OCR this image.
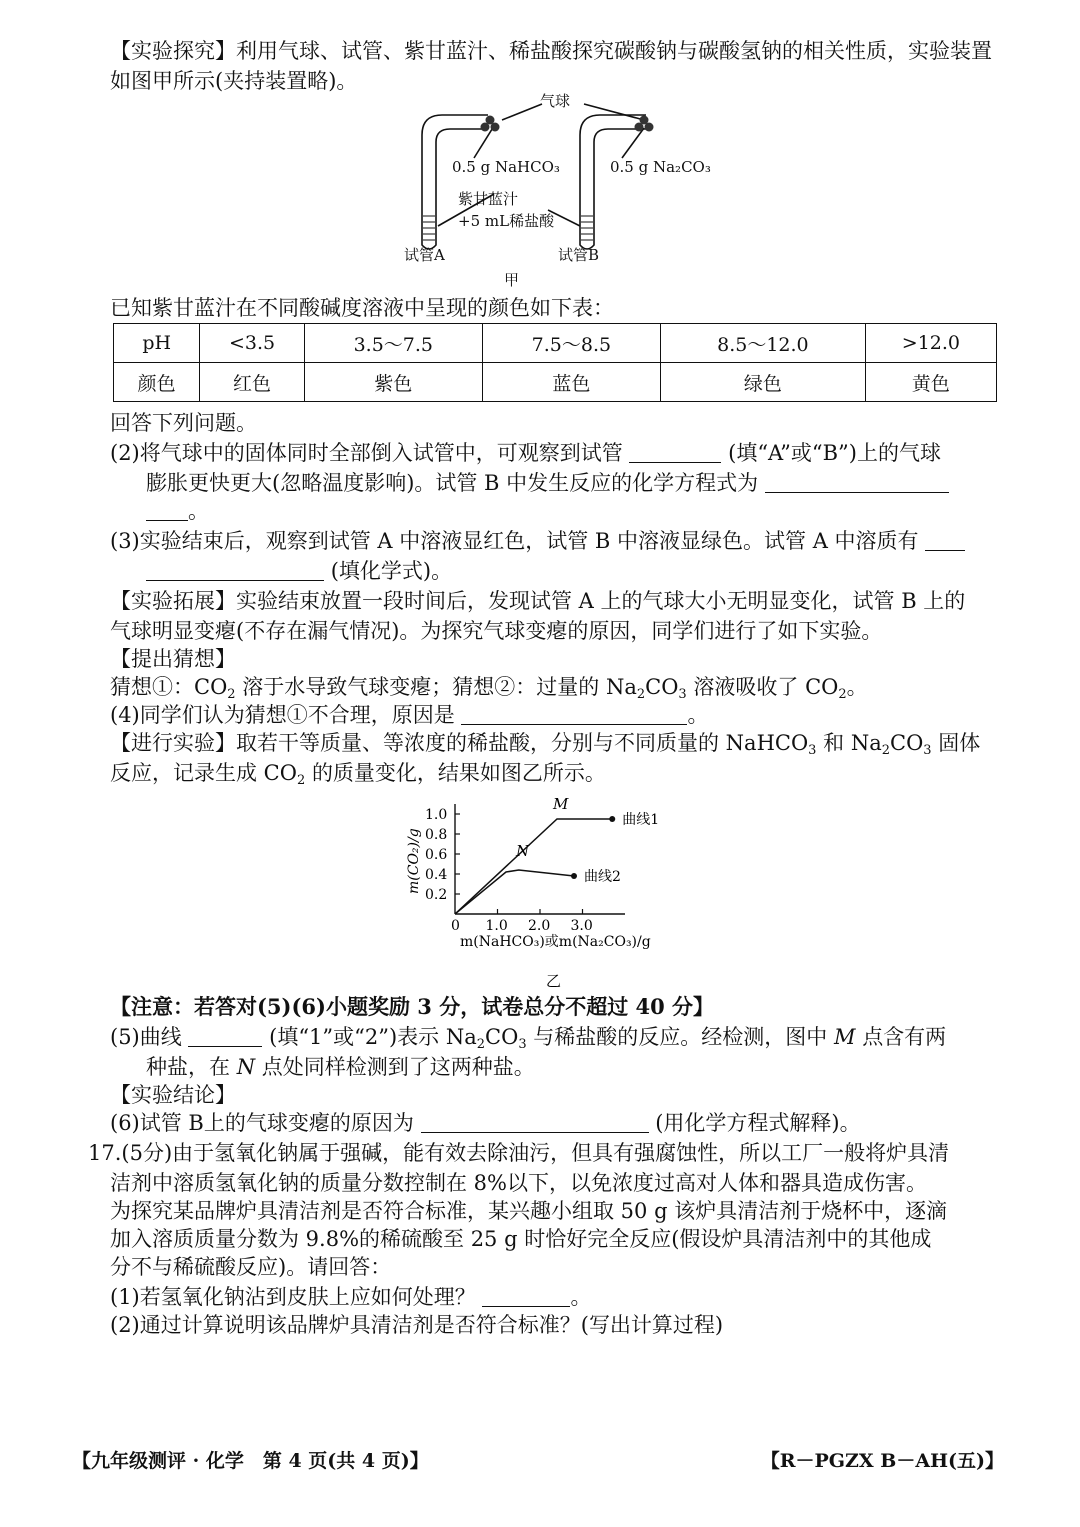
【实验探究】利用气球、试管、紫甘蓝汁、稀盐酸探究碳酸钠与碳酸氢钠的相关性质，实验装置
如图甲所示(夹持装置略)。
气球
0.5 g NaHCO₃	0.5 g Na₂CO₃
紫甘蓝汁
+5 mL稀盐酸
试管A	试管B
甲
已知紫甘蓝汁在不同酸碱度溶液中呈现的颜色如下表：
pH	<3.5	3.5～7.5	7.5～8.5	8.5～12.0	>12.0
颜色	红色	紫色	蓝色	绿色	黄色
回答下列问题。
(2)将气球中的固体同时全部倒入试管中，可观察到试管	(填“A”或“B”)上的气球
膨胀更快更大(忽略温度影响)。试管 B 中发生反应的化学方程式为
。
(3)实验结束后，观察到试管 A 中溶液显红色，试管 B 中溶液显绿色。试管 A 中溶质有
(填化学式)。
【实验拓展】实验结束放置一段时间后，发现试管 A 上的气球大小无明显变化，试管 B 上的
气球明显变瘪(不存在漏气情况)。为探究气球变瘪的原因，同学们进行了如下实验。
【提出猜想】
猜想①：$CO_2$ 溶于水导致气球变瘪；猜想②：过量的 $Na_2CO_3$ 溶液吸收了 $CO_2$。
(4)同学们认为猜想①不合理，原因是	。
【进行实验】取若干等质量、等浓度的稀盐酸，分别与不同质量的 NaHCO$_3$ 和 $Na_2CO_3$ 固体
反应，记录生成 $CO_2$ 的质量变化，结果如图乙所示。
m(CO₂)/g
0
1.0
0.8
0.6
0.4
0.2
1.0 2.0 3.0
曲线1
M
曲线2
N
m(NaHCO₃)或m(Na₂CO₃)/g
乙
【注意：若答对(5)(6)小题奖励 3 分，试卷总分不超过 40 分】
(5)曲线	(填“1”或“2”)表示 $Na_2CO_3$ 与稀盐酸的反应。经检测，图中 M 点含有两
种盐，在 N 点处同样检测到了这两种盐。
【实验结论】
(6)试管 B上的气球变瘪的原因为	(用化学方程式解释)。
17.(5分)由于氢氧化钠属于强碱，能有效去除油污，但具有强腐蚀性，所以工厂一般将炉具清
洁剂中溶质氢氧化钠的质量分数控制在 8%以下，以免浓度过高对人体和器具造成伤害。
为探究某品牌炉具清洁剂是否符合标准，某兴趣小组取 50 g 该炉具清洁剂于烧杯中，逐滴
加入溶质质量分数为 9.8%的稀硫酸至 25 g 时恰好完全反应(假设炉具清洁剂中的其他成
分不与稀硫酸反应)。请回答：
(1)若氢氧化钠沾到皮肤上应如何处理？	。
(2)通过计算说明该品牌炉具清洁剂是否符合标准？(写出计算过程)
【九年级测评 · 化学　第 4 页(共 4 页)】	【R－PGZX B－AH(五)】
